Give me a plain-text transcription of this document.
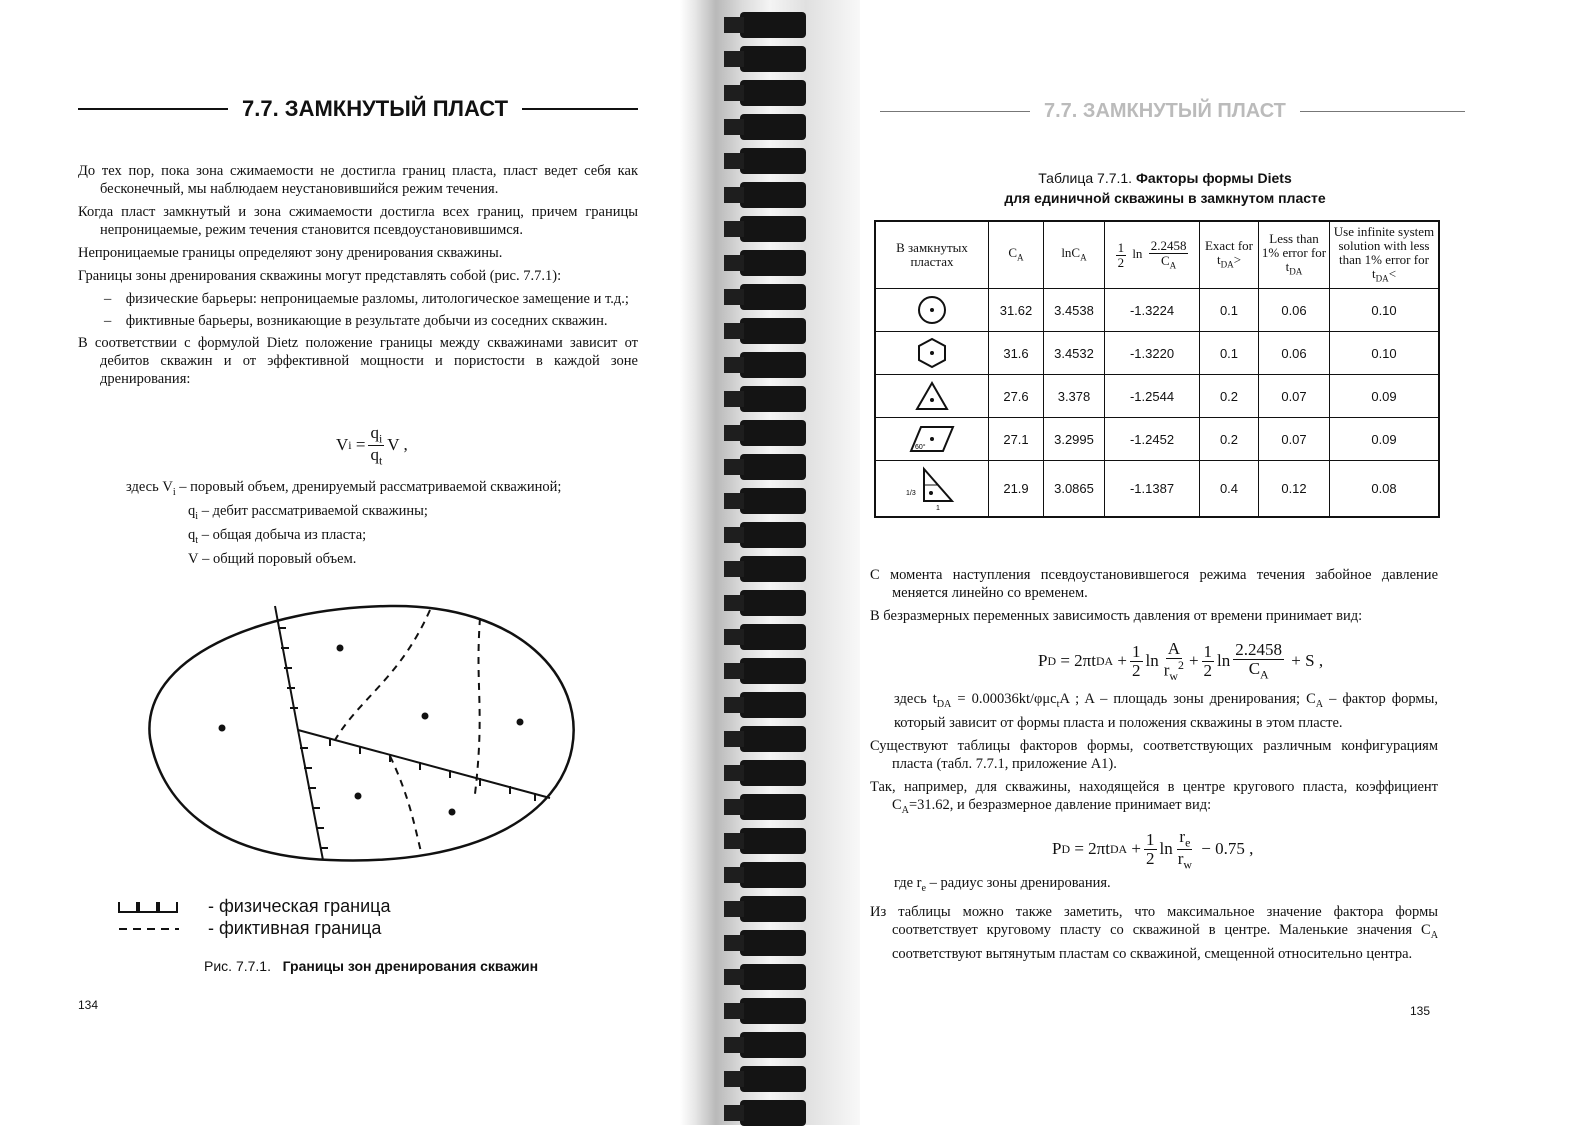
7.7. ЗАМКНУТЫЙ ПЛАСТ

До тех пор, пока зона сжимаемости не достигла границ пласта, пласт ведет себя как бесконечный, мы наблюдаем неустановившийся режим течения.

Когда пласт замкнутый и зона сжимаемости достигла всех границ, причем границы непроницаемые, режим течения становится псевдоустановившимся.

Непроницаемые границы определяют зону дренирования скважины.

Границы зоны дренирования скважины могут представлять собой (рис. 7.7.1):

–    физические барьеры: непроницаемые разломы, литологическое замещение и т.д.;

–    фиктивные барьеры, возникающие в результате добычи из соседних скважин.

В соответствии с формулой Dietz положение границы между скважинами зависит от дебитов скважин и от эффективной мощности и пористости в каждой зоне дренирования:

V $i = \frac{q_i}{q_t}$ V ,

здесь $V_i$ – поровый объем, дренируемый рассматриваемой скважиной;

$q_i$ – дебит рассматриваемой скважины;

$q_t$ – общая добыча из пласта;

V – общий поровый объем.

- физическая граница
- фиктивная граница
Рис. 7.7.1. Границы зон дренирования скважин
134
7.7. ЗАМКНУТЫЙ ПЛАСТ
Таблица 7.7.1. Факторы формы Diets
для единичной скважины в замкнутом пласте
В замкнутых пластах	$C_A$	lnC$_A$	$\frac{1}{2}$ $\ln \frac{2.2458}{C_A}$	Exact for $t_{DA}>$	Less than 1% error for $t_{DA}$	Use infinite system solution with less than 1% error for $t_{DA}<$

	31.62	3.4538	-1.3224	0.1	0.06	0.10

	31.6	3.4532	-1.3220	0.1	0.06	0.10

	27.6	3.378	-1.2544	0.2	0.07	0.09

60°	27.1	3.2995	-1.2452	0.2	0.07	0.09

1/3
1	21.9	3.0865	-1.1387	0.4	0.12	0.08

С момента наступления псевдоустановившегося режима течения забойное давление меняется линейно со временем.

В безразмерных переменных зависимость давления от времени принимает вид:

P D
= 2πt DA
+ $\frac{1}{2}$ $\ln \frac{A}{r_w^2} + \frac{1}{2}$ $\ln \frac{2.2458}{C_A}$
+ S ,

здесь $t_{DA} = 0.00036kt/\varphi\mu c_tA$ ; A – площадь зоны дренирования; $C_A$ – фактор формы, который зависит от формы пласта и положения скважины в этом пласте.

Существуют таблицы факторов формы, соответствующих различным конфигурациям пласта (табл. 7.7.1, приложение А1).

Так, например, для скважины, находящейся в центре кругового пласта, коэффициент $C_A=31.62$, и безразмерное давление принимает вид:

P D
= 2πt DA
+ $\frac{1}{2}$ $\ln \frac{r_e}{r_w}$
− 0.75 ,

где $r_e$ – радиус зоны дренирования.

Из таблицы можно также заметить, что максимальное значение фактора формы соответствует круговому пласту со скважиной в центре. Маленькие значения $C_A$ соответствуют вытянутым пластам со скважиной, смещенной относительно центра.

135
